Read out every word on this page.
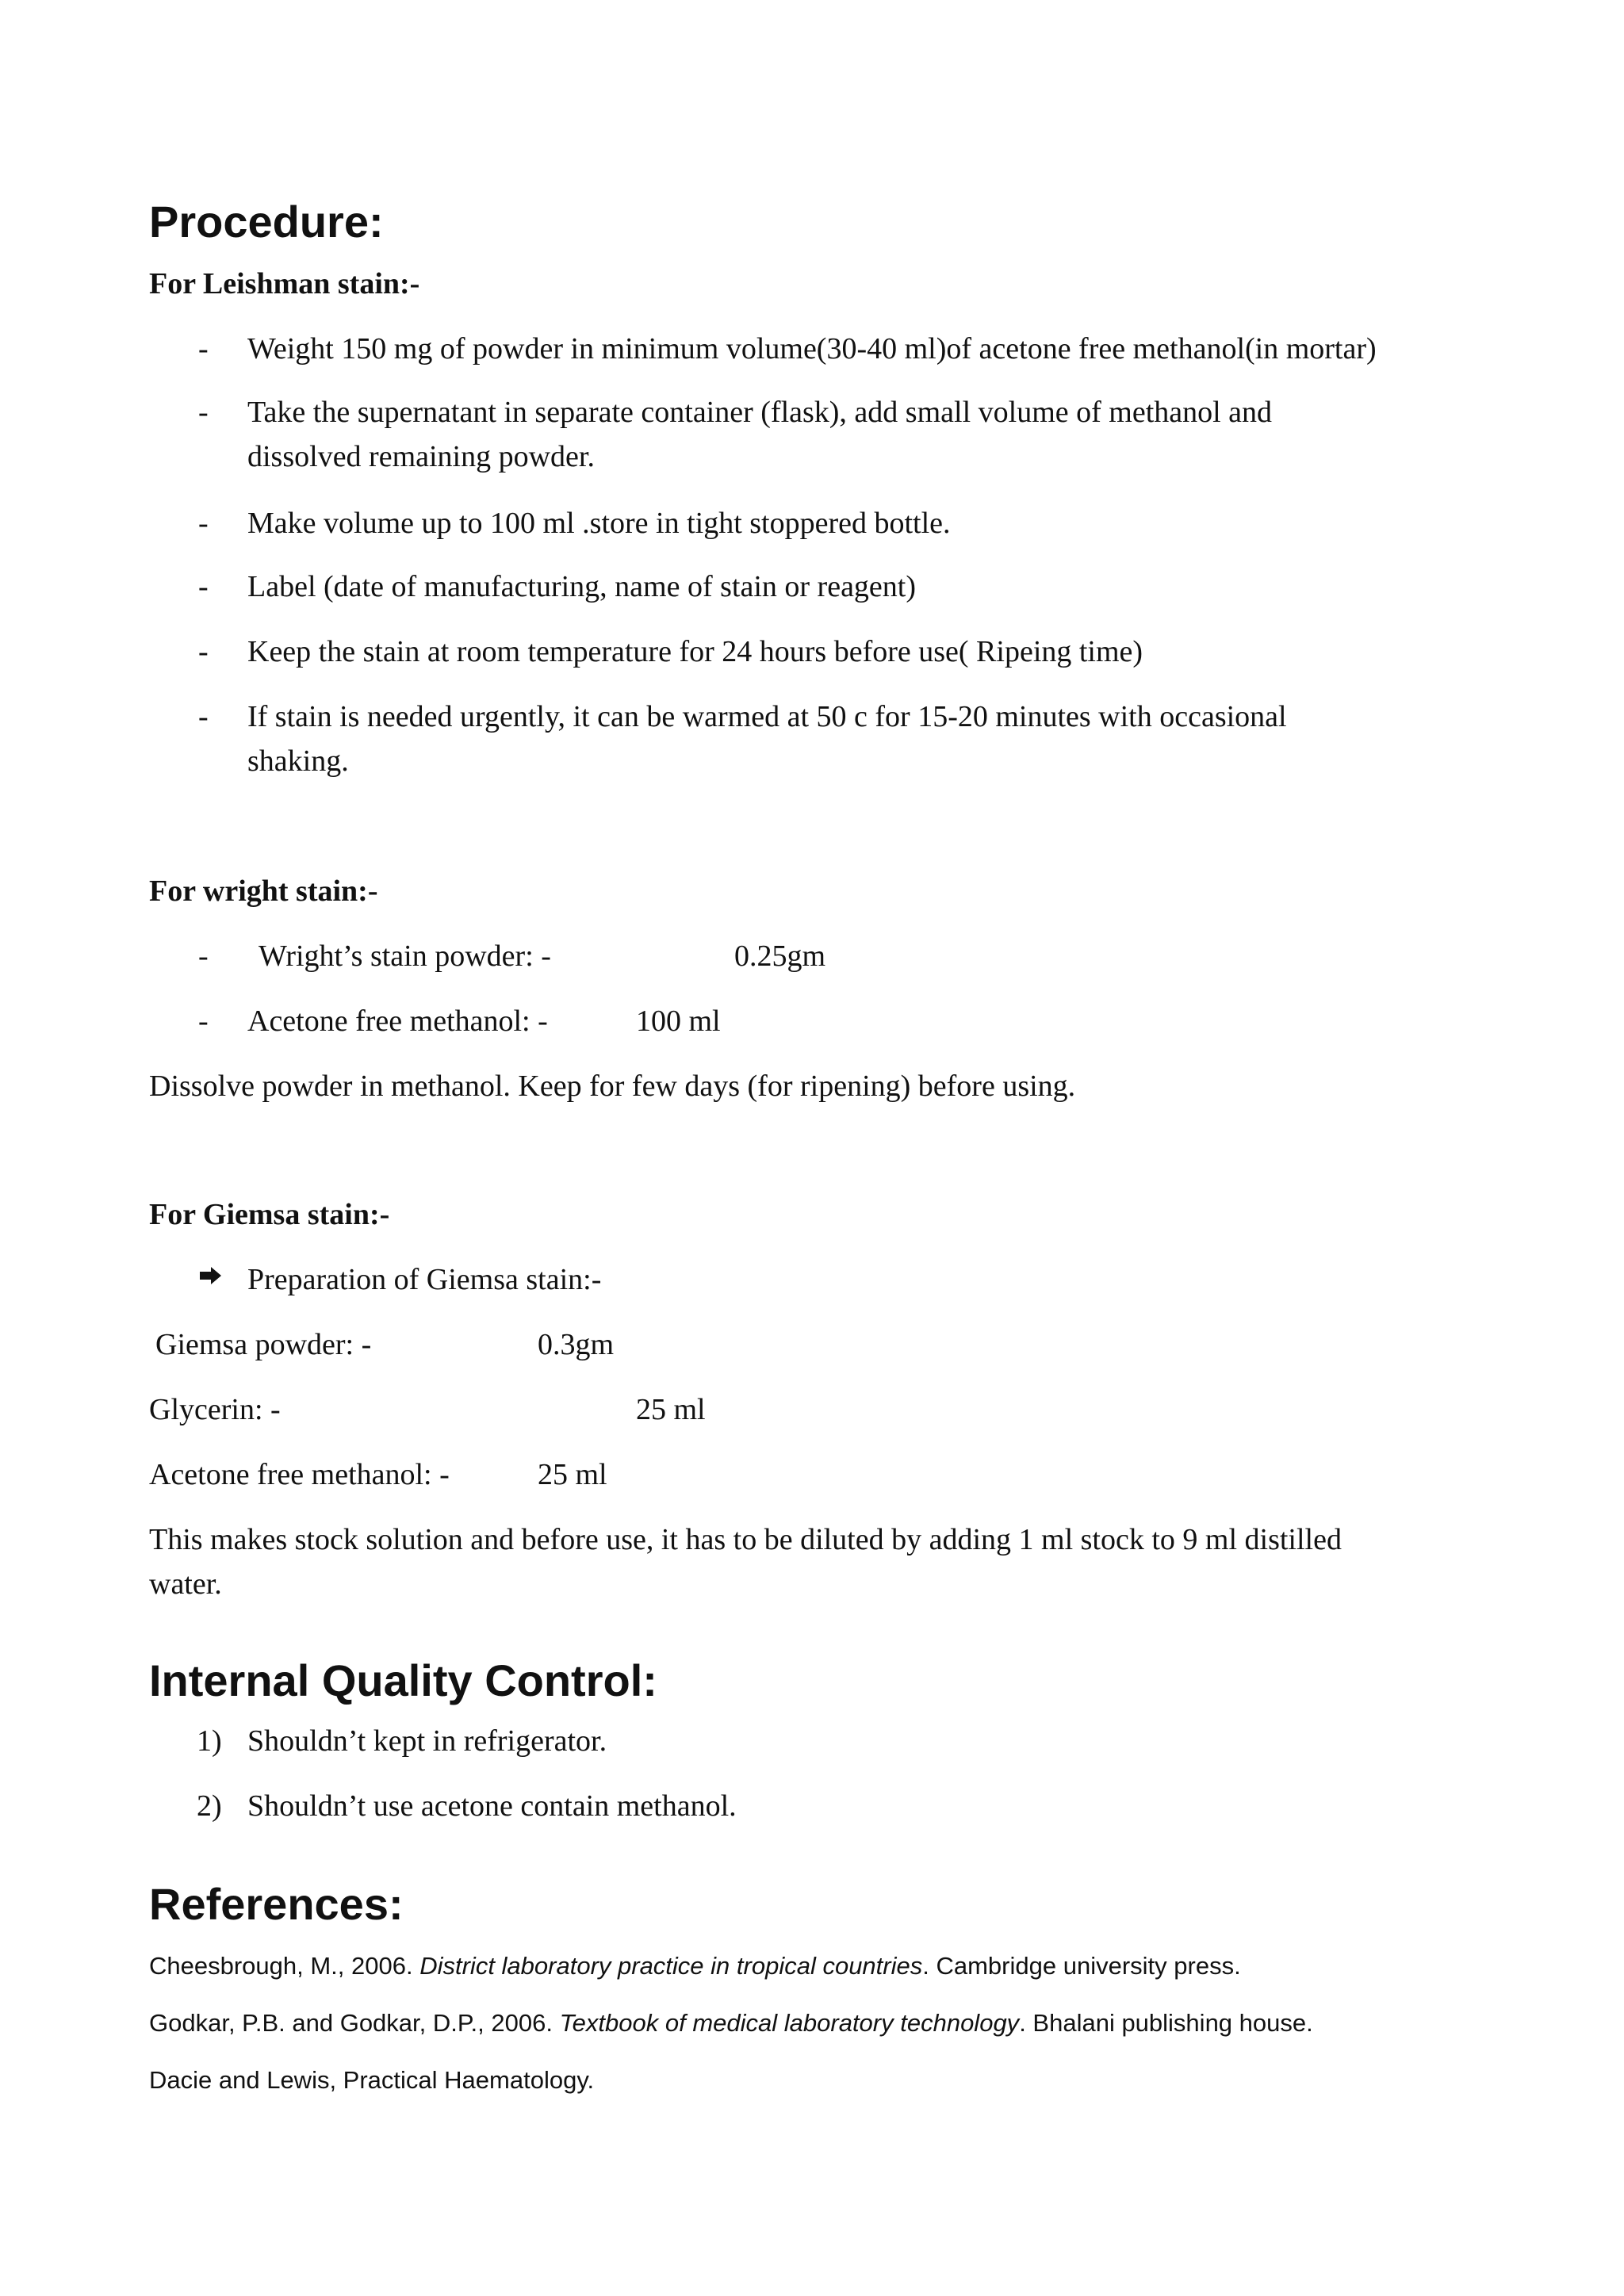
Procedure:
For Leishman stain:-
- Weight 150 mg of powder in minimum volume(30-40 ml)of acetone free methanol(in mortar)
- Take the supernatant in separate container (flask), add small volume of methanol and
dissolved remaining powder.
- Make volume up to 100 ml .store in tight stoppered bottle.
- Label (date of manufacturing, name of stain or reagent)
- Keep the stain at room temperature for 24 hours before use( Ripeing time)
- If stain is needed urgently, it can be warmed at 50 c for 15-20 minutes with occasional
shaking.
For wright stain:-
- Wright’s stain powder: -	0.25gm
- Acetone free methanol: -	100 ml
Dissolve powder in methanol. Keep for few days (for ripening) before using.
For Giemsa stain:-
Preparation of Giemsa stain:-
Giemsa powder: -	0.3gm
Glycerin: -	25 ml
Acetone free methanol: -	25 ml
This makes stock solution and before use, it has to be diluted by adding 1 ml stock to 9 ml distilled
water.
Internal Quality Control:
1) Shouldn’t kept in refrigerator.
2) Shouldn’t use acetone contain methanol.
References:
Cheesbrough, M., 2006. District laboratory practice in tropical countries. Cambridge university press.
Godkar, P.B. and Godkar, D.P., 2006. Textbook of medical laboratory technology. Bhalani publishing house.
Dacie and Lewis, Practical Haematology.
